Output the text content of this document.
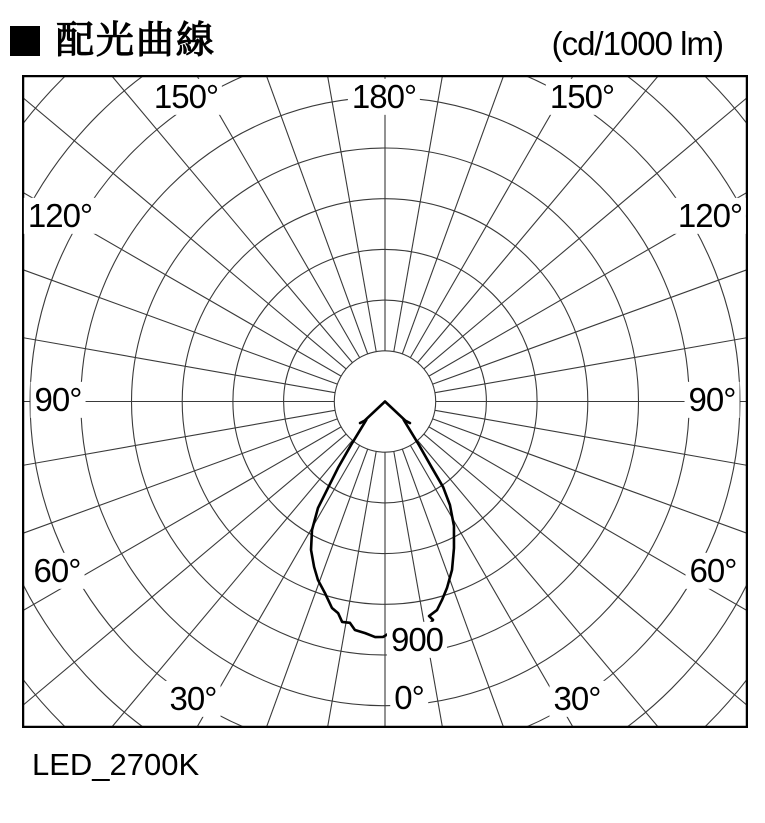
配光曲線	(cd/1000 lm)
180°
150°	150°
120°	120°
90°	90°
60°	60°
30°	30°
0°
900
LED_2700K
